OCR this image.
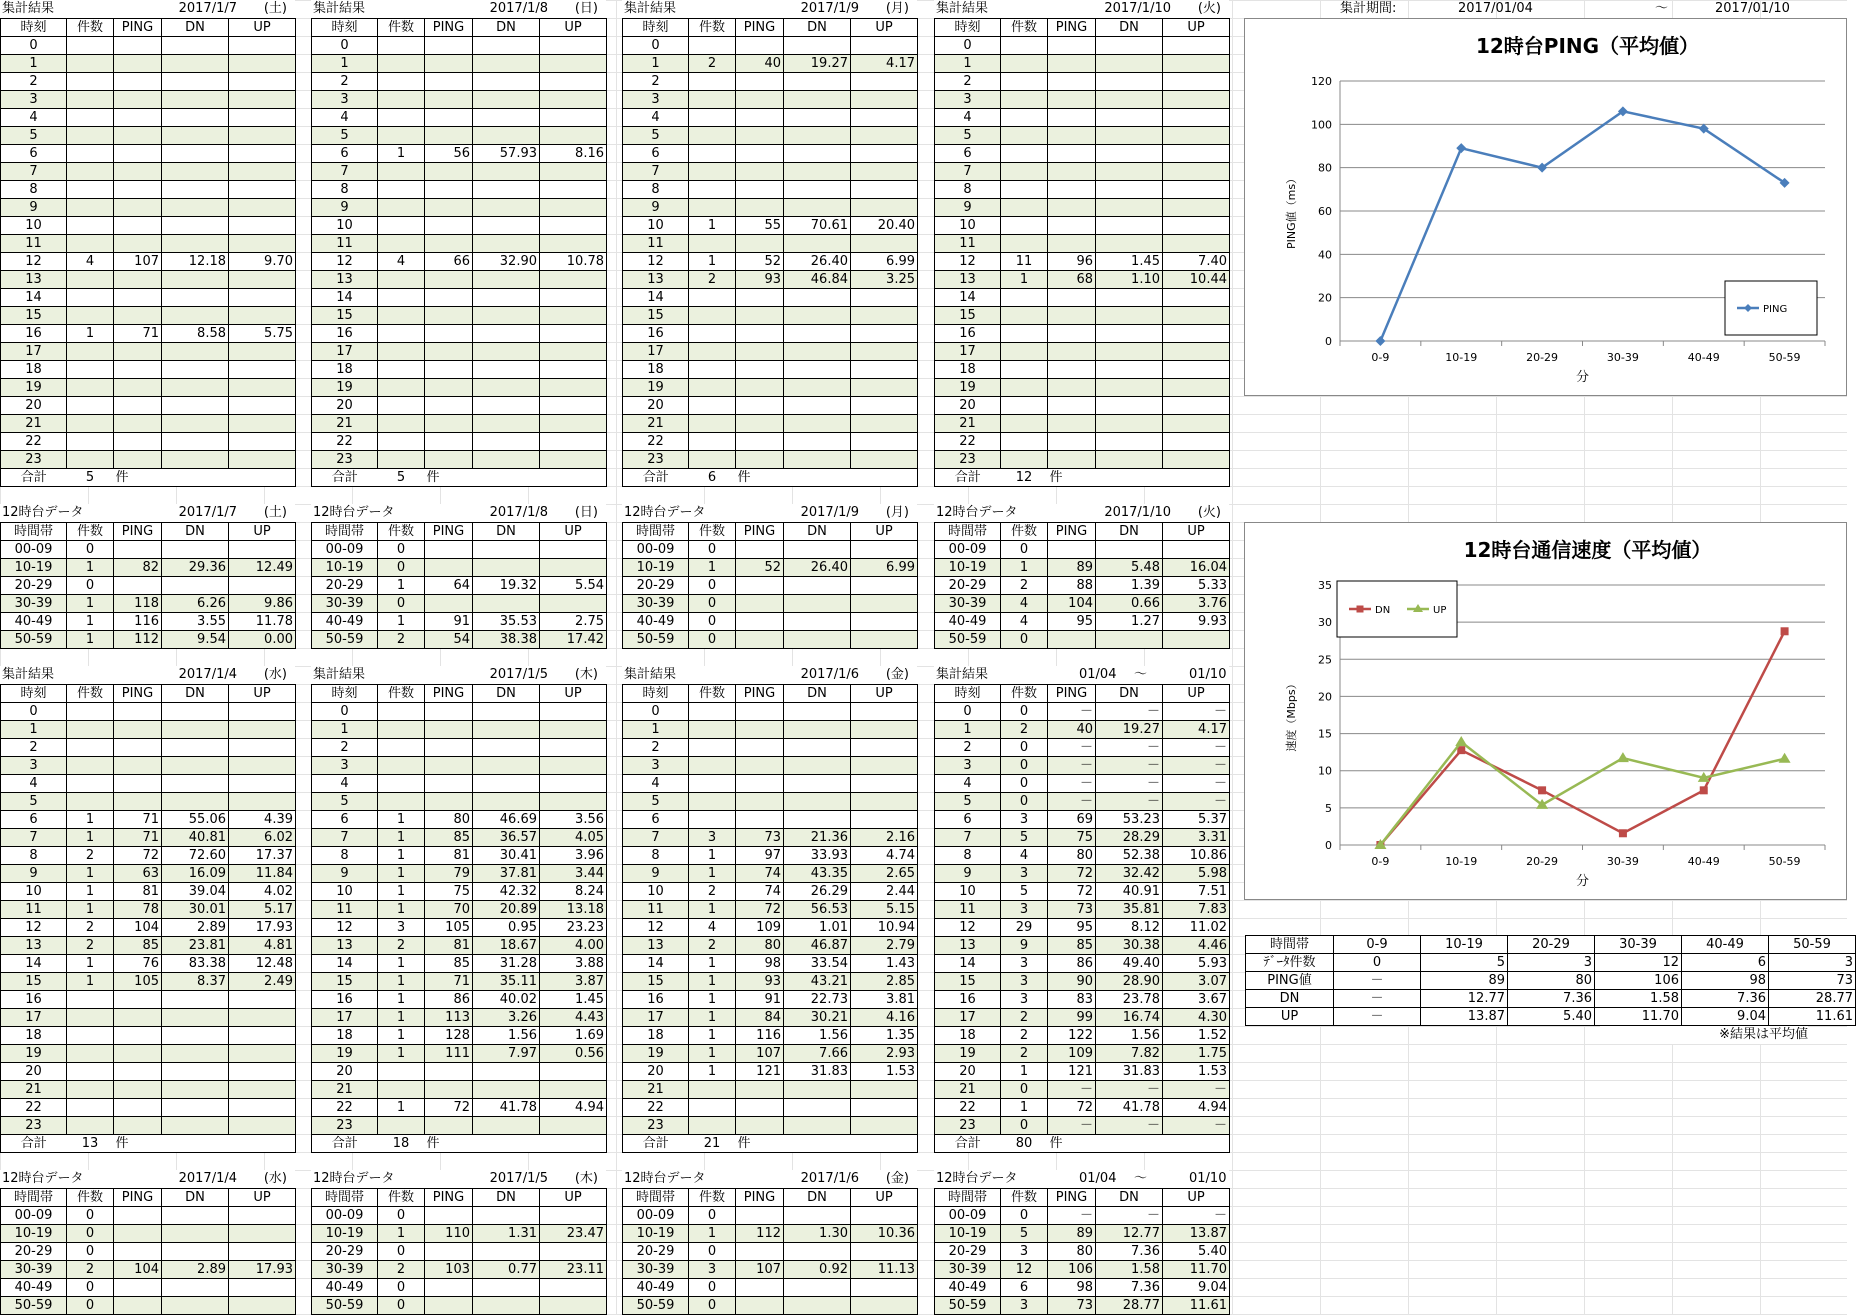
集計期間:	2017/01/04	～	2017/01/10
集計結果	2017/1/7 (土)
時刻	件数	PING	DN	UP
0				
1				
2				
3				
4				
5				
6				
7				
8				
9				
10				
11				
12	4	107	12.18	9.70
13				
14				
15				
16	1	71	8.58	5.75
17				
18				
19				
20				
21				
22				
23				
合計	5	件		
集計結果	2017/1/8 (日)
時刻	件数	PING	DN	UP
0				
1				
2				
3				
4				
5				
6	1	56	57.93	8.16
7				
8				
9				
10				
11				
12	4	66	32.90	10.78
13				
14				
15				
16				
17				
18				
19				
20				
21				
22				
23				
合計	5	件		
集計結果	2017/1/9 (月)
時刻	件数	PING	DN	UP
0				
1	2	40	19.27	4.17
2				
3				
4				
5				
6				
7				
8				
9				
10	1	55	70.61	20.40
11				
12	1	52	26.40	6.99
13	2	93	46.84	3.25
14				
15				
16				
17				
18				
19				
20				
21				
22				
23				
合計	6	件		
集計結果	2017/1/10 (火)
時刻	件数	PING	DN	UP
0				
1				
2				
3				
4				
5				
6				
7				
8				
9				
10				
11				
12	11	96	1.45	7.40
13	1	68	1.10	10.44
14				
15				
16				
17				
18				
19				
20				
21				
22				
23				
合計	12	件		
12時台データ	2017/1/7 (土)
時間帯	件数	PING	DN	UP
00-09	0			
10-19	1	82	29.36	12.49
20-29	0			
30-39	1	118	6.26	9.86
40-49	1	116	3.55	11.78
50-59	1	112	9.54	0.00
12時台データ	2017/1/8 (日)
時間帯	件数	PING	DN	UP
00-09	0			
10-19	0			
20-29	1	64	19.32	5.54
30-39	0			
40-49	1	91	35.53	2.75
50-59	2	54	38.38	17.42
12時台データ	2017/1/9 (月)
時間帯	件数	PING	DN	UP
00-09	0			
10-19	1	52	26.40	6.99
20-29	0			
30-39	0			
40-49	0			
50-59	0			
12時台データ	2017/1/10 (火)
時間帯	件数	PING	DN	UP
00-09	0			
10-19	1	89	5.48	16.04
20-29	2	88	1.39	5.33
30-39	4	104	0.66	3.76
40-49	4	95	1.27	9.93
50-59	0			
集計結果	2017/1/4 (水)
時刻	件数	PING	DN	UP
0				
1				
2				
3				
4				
5				
6	1	71	55.06	4.39
7	1	71	40.81	6.02
8	2	72	72.60	17.37
9	1	63	16.09	11.84
10	1	81	39.04	4.02
11	1	78	30.01	5.17
12	2	104	2.89	17.93
13	2	85	23.81	4.81
14	1	76	83.38	12.48
15	1	105	8.37	2.49
16				
17				
18				
19				
20				
21				
22				
23				
合計	13	件		
集計結果	2017/1/5 (木)
時刻	件数	PING	DN	UP
0				
1				
2				
3				
4				
5				
6	1	80	46.69	3.56
7	1	85	36.57	4.05
8	1	81	30.41	3.96
9	1	79	37.81	3.44
10	1	75	42.32	8.24
11	1	70	20.89	13.18
12	3	105	0.95	23.23
13	2	81	18.67	4.00
14	1	85	31.28	3.88
15	1	71	35.11	3.87
16	1	86	40.02	1.45
17	1	113	3.26	4.43
18	1	128	1.56	1.69
19	1	111	7.97	0.56
20				
21				
22	1	72	41.78	4.94
23				
合計	18	件		
集計結果	2017/1/6 (金)
時刻	件数	PING	DN	UP
0				
1				
2				
3				
4				
5				
6				
7	3	73	21.36	2.16
8	1	97	33.93	4.74
9	1	74	43.35	2.65
10	2	74	26.29	2.44
11	1	72	56.53	5.15
12	4	109	1.01	10.94
13	2	80	46.87	2.79
14	1	98	33.54	1.43
15	1	93	43.21	2.85
16	1	91	22.73	3.81
17	1	84	30.21	4.16
18	1	116	1.56	1.35
19	1	107	7.66	2.93
20	1	121	31.83	1.53
21				
22				
23				
合計	21	件		
集計結果	01/04 ～	01/10
時刻	件数	PING	DN	UP
0	0	－	－	－
1	2	40	19.27	4.17
2	0	－	－	－
3	0	－	－	－
4	0	－	－	－
5	0	－	－	－
6	3	69	53.23	5.37
7	5	75	28.29	3.31
8	4	80	52.38	10.86
9	3	72	32.42	5.98
10	5	72	40.91	7.51
11	3	73	35.81	7.83
12	29	95	8.12	11.02
13	9	85	30.38	4.46
14	3	86	49.40	5.93
15	3	90	28.90	3.07
16	3	83	23.78	3.67
17	2	99	16.74	4.30
18	2	122	1.56	1.52
19	2	109	7.82	1.75
20	1	121	31.83	1.53
21	0	－	－	－
22	1	72	41.78	4.94
23	0	－	－	－
合計	80	件		
12時台データ	2017/1/4 (水)
時間帯	件数	PING	DN	UP
00-09	0			
10-19	0			
20-29	0			
30-39	2	104	2.89	17.93
40-49	0			
50-59	0			
12時台データ	2017/1/5 (木)
時間帯	件数	PING	DN	UP
00-09	0			
10-19	1	110	1.31	23.47
20-29	0			
30-39	2	103	0.77	23.11
40-49	0			
50-59	0			
12時台データ	2017/1/6 (金)
時間帯	件数	PING	DN	UP
00-09	0			
10-19	1	112	1.30	10.36
20-29	0			
30-39	3	107	0.92	11.13
40-49	0			
50-59	0			
12時台データ	01/04 ～	01/10
時間帯	件数	PING	DN	UP
00-09	0	－	－	－
10-19	5	89	12.77	13.87
20-29	3	80	7.36	5.40
30-39	12	106	1.58	11.70
40-49	6	98	7.36	9.04
50-59	3	73	28.77	11.61
12時台PING（平均値）
0
20
40
60
80
100
120
0-9	10-19	20-29	30-39	40-49	50-59
分
PING値（ms）
PING
12時台通信速度（平均値）
0
5
10
15
20
25
30
35
0-9	10-19	20-29	30-39	40-49	50-59
分
速度（Mbps）
DN	UP
時間帯	0-9	10-19	20-29	30-39	40-49	50-59
ﾃﾞｰﾀ件数	0	5	3	12	6	3
PING値	－	89	80	106	98	73
DN	－	12.77	7.36	1.58	7.36	28.77
UP	－	13.87	5.40	11.70	9.04	11.61
※結果は平均値
